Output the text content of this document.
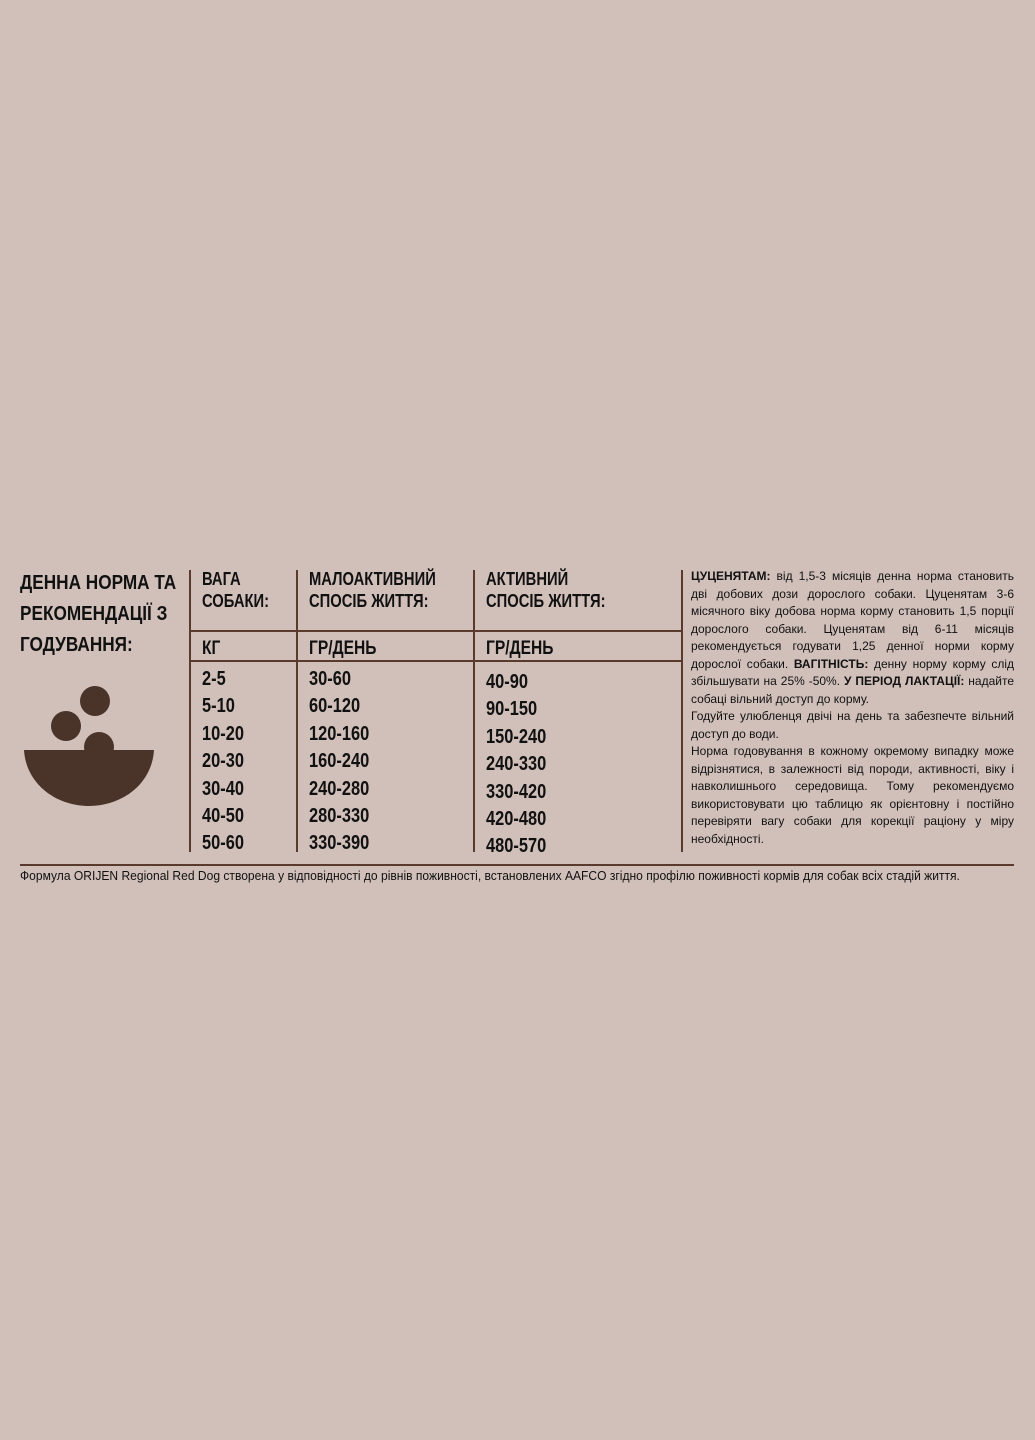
ДЕННА НОРМА ТА
РЕКОМЕНДАЦІЇ З
ГОДУВАННЯ:
ВАГА
СОБАКИ:
КГ
2-5
5-10
10-20
20-30
30-40
40-50
50-60
МАЛОАКТИВНИЙ
СПОСІБ ЖИТТЯ:
ГР/ДЕНЬ
30-60
60-120
120-160
160-240
240-280
280-330
330-390
АКТИВНИЙ
СПОСІБ ЖИТТЯ:
ГР/ДЕНЬ
40-90
90-150
150-240
240-330
330-420
420-480
480-570

ЦУЦЕНЯТАМ: від 1,5-3 місяців денна норма становить дві добових дози дорослого собаки. Цуценятам 3-6 місячного віку добова норма корму становить 1,5 порції дорослого собаки. Цуценятам від 6-11 місяців рекомендується годувати 1,25 денної норми корму дорослої собаки. ВАГІТНІСТЬ: денну норму корму слід збільшувати на 25% -50%. У ПЕРІОД ЛАКТАЦІЇ: надайте собаці вільний доступ до корму.

Годуйте улюбленця двічі на день та забезпечте вільний доступ до води.

Норма годовування в кожному окремому випадку може відрізнятися, в залежності від породи, активності, віку і навколишнього середовища. Тому рекомендуємо використовувати цю таблицю як орієнтовну і постійно перевіряти вагу собаки для корекції раціону у міру необхідності.

Формула ORIJEN Regional Red Dog створена у відповідності до рівнів поживності, встановлених AAFCO згідно профілю поживності кормів для собак всіх стадій життя.
